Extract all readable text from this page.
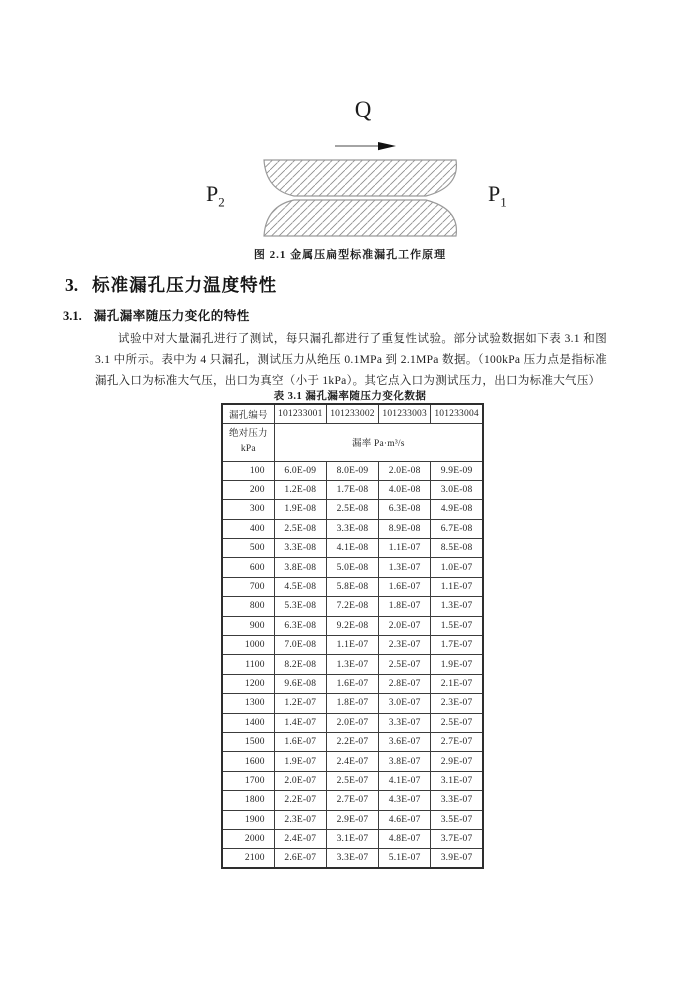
Q
$P_2$	$P_1$
图 2.1 金属压扁型标准漏孔工作原理
3. 标准漏孔压力温度特性
3.1. 漏孔漏率随压力变化的特性

试验中对大量漏孔进行了测试，每只漏孔都进行了重复性试验。部分试验数据如下表 3.1 和图 3.1 中所示。表中为 4 只漏孔，测试压力从绝压 0.1MPa 到 2.1MPa 数据。（100kPa 压力点是指标准漏孔入口为标准大气压，出口为真空（小于 1kPa）。其它点入口为测试压力，出口为标准大气压）

表 3.1 漏孔漏率随压力变化数据
漏孔编号	101233001	101233002	101233003	101233004

绝对压力
kPa	漏率 Pa·m³/s			
100	6.0E-09	8.0E-09	2.0E-08	9.9E-09
200	1.2E-08	1.7E-08	4.0E-08	3.0E-08
300	1.9E-08	2.5E-08	6.3E-08	4.9E-08
400	2.5E-08	3.3E-08	8.9E-08	6.7E-08
500	3.3E-08	4.1E-08	1.1E-07	8.5E-08
600	3.8E-08	5.0E-08	1.3E-07	1.0E-07
700	4.5E-08	5.8E-08	1.6E-07	1.1E-07
800	5.3E-08	7.2E-08	1.8E-07	1.3E-07
900	6.3E-08	9.2E-08	2.0E-07	1.5E-07
1000	7.0E-08	1.1E-07	2.3E-07	1.7E-07
1100	8.2E-08	1.3E-07	2.5E-07	1.9E-07
1200	9.6E-08	1.6E-07	2.8E-07	2.1E-07
1300	1.2E-07	1.8E-07	3.0E-07	2.3E-07
1400	1.4E-07	2.0E-07	3.3E-07	2.5E-07
1500	1.6E-07	2.2E-07	3.6E-07	2.7E-07
1600	1.9E-07	2.4E-07	3.8E-07	2.9E-07
1700	2.0E-07	2.5E-07	4.1E-07	3.1E-07
1800	2.2E-07	2.7E-07	4.3E-07	3.3E-07
1900	2.3E-07	2.9E-07	4.6E-07	3.5E-07
2000	2.4E-07	3.1E-07	4.8E-07	3.7E-07
2100	2.6E-07	3.3E-07	5.1E-07	3.9E-07
